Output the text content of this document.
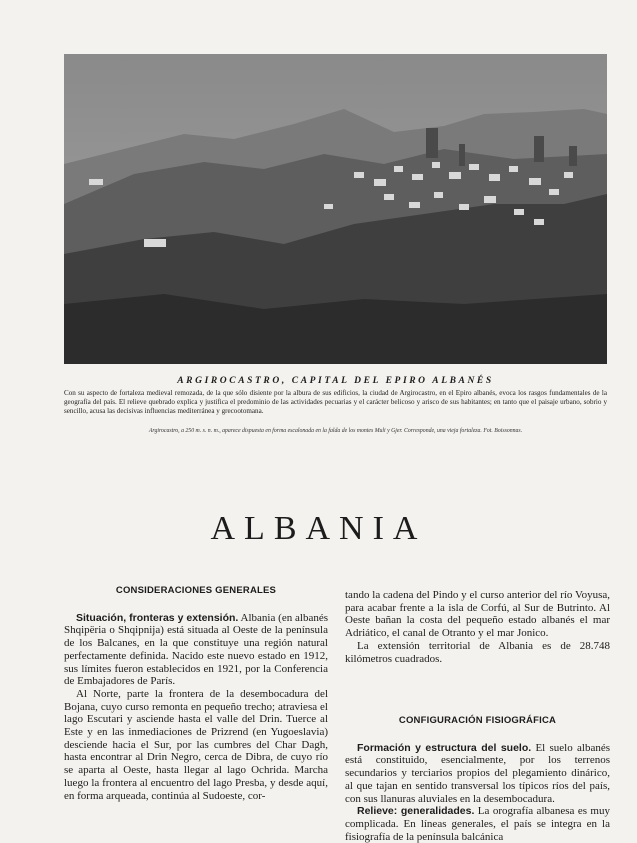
ARGIROCASTRO, CAPITAL DEL EPIRO ALBANÉS
Con su aspecto de fortaleza medieval remozada, de la que sólo disiente por la albura de sus edificios, la ciudad de Argirocastro, en el Epiro albanés, evoca los rasgos fundamentales de la geografía del país. El relieve quebrado explica y justifica el predominio de las actividades pecuarias y el carácter belicoso y arisco de sus habitantes; en tanto que el paisaje urbano, sobrio y sencillo, acusa las decisivas influencias mediterránea y grecootomana.
Argirocastro, a 250 m. s. n. m., aparece dispuesta en forma escalonada en la falda de los montes Muli y Gjer. Corresponde, una vieja fortaleza. Fot. Boissonnas.
ALBANIA
CONSIDERACIONES GENERALES

Situación, fronteras y extensión. Albania (en albanés Shqipëria o Shqipnija) está situada al Oeste de la península de los Balcanes, en la que constituye una región natural perfectamente definida. Nacido este nuevo estado en 1912, sus límites fueron establecidos en 1921, por la Conferencia de Embajadores de París.

Al Norte, parte la frontera de la desembocadura del Bojana, cuyo curso remonta en pequeño trecho; atraviesa el lago Escutari y asciende hasta el valle del Drin. Tuerce al Este y en las inmediaciones de Prizrend (en Yugoeslavia) desciende hacia el Sur, por las cumbres del Char Dagh, hasta encontrar al Drin Negro, cerca de Dibra, de cuyo río se aparta al Oeste, hasta llegar al lago Ochrida. Marcha luego la frontera al encuentro del lago Presba, y desde aquí, en forma arqueada, continúa al Sudoeste, cor-

tando la cadena del Pindo y el curso anterior del río Voyusa, para acabar frente a la isla de Corfú, al Sur de Butrinto. Al Oeste bañan la costa del pequeño estado albanés el mar Adriático, el canal de Otranto y el mar Jonico.

La extensión territorial de Albania es de 28.748 kilómetros cuadrados.

CONFIGURACIÓN FISIOGRÁFICA

Formación y estructura del suelo. El suelo albanés está constituido, esencialmente, por los terrenos secundarios y terciarios propios del plegamiento dinárico, al que tajan en sentido transversal los típicos ríos del país, con sus llanuras aluviales en la desembocadura.

Relieve: generalidades. La orografía albanesa es muy complicada. En líneas generales, el país se integra en la fisiografía de la península balcánica
